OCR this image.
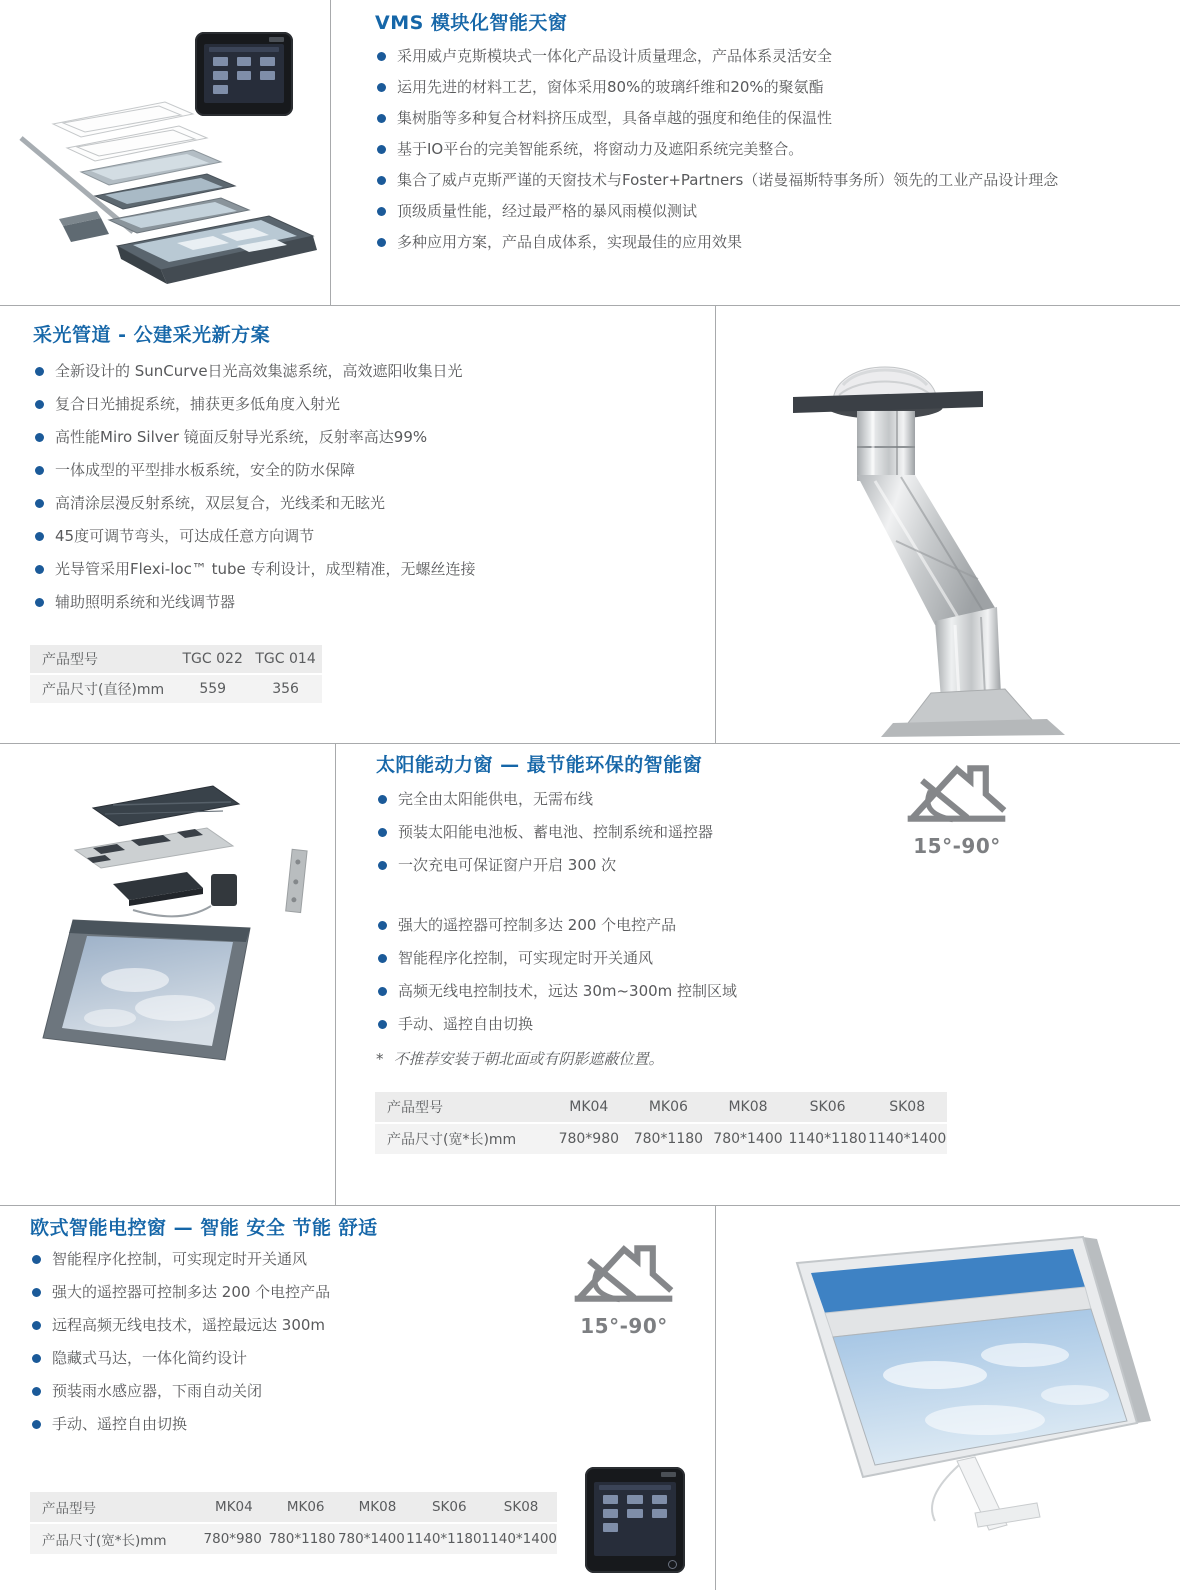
VMS 模块化智能天窗
采用威卢克斯模块式一体化产品设计质量理念，产品体系灵活安全
运用先进的材料工艺，窗体采用80%的玻璃纤维和20%的聚氨酯
集树脂等多种复合材料挤压成型，具备卓越的强度和绝佳的保温性
基于IO平台的完美智能系统，将窗动力及遮阳系统完美整合。
集合了威卢克斯严谨的天窗技术与Foster+Partners（诺曼福斯特事务所）领先的工业产品设计理念
顶级质量性能，经过最严格的暴风雨模似测试
多种应用方案，产品自成体系，实现最佳的应用效果
采光管道 - 公建采光新方案
全新设计的 SunCurve日光高效集滤系统，高效遮阳收集日光
复合日光捕捉系统，捕获更多低角度入射光
高性能Miro Silver 镜面反射导光系统，反射率高达99%
一体成型的平型排水板系统，安全的防水保障
高清涂层漫反射系统，双层复合，光线柔和无眩光
45度可调节弯头，可达成任意方向调节
光导管采用Flexi-loc™ tube 专利设计，成型精准，无螺丝连接
辅助照明系统和光线调节器
产品型号	TGC 022 TGC 014
产品尺寸(直径)mm	559	356
太阳能动力窗 — 最节能环保的智能窗
完全由太阳能供电，无需布线
预装太阳能电池板、蓄电池、控制系统和遥控器
一次充电可保证窗户开启 300 次
强大的遥控器可控制多达 200 个电控产品
智能程序化控制，可实现定时开关通风
高频无线电控制技术，远达 30m~300m 控制区域
手动、遥控自由切换
* 不推荐安装于朝北面或有阴影遮蔽位置。
15°-90°
产品型号	MK04	MK06	MK08	SK06	SK08
产品尺寸(宽*长)mm	780*980	780*1180 780*1400 1140*1180 1140*1400
欧式智能电控窗 — 智能 安全 节能 舒适
智能程序化控制，可实现定时开关通风
强大的遥控器可控制多达 200 个电控产品
远程高频无线电技术，遥控最远达 300m
隐藏式马达，一体化简约设计
预装雨水感应器，下雨自动关闭
手动、遥控自由切换
15°-90°
产品型号	MK04	MK06	MK08	SK06	SK08
产品尺寸(宽*长)mm	780*980 780*1180 780*1400 1140*1180 1140*1400
